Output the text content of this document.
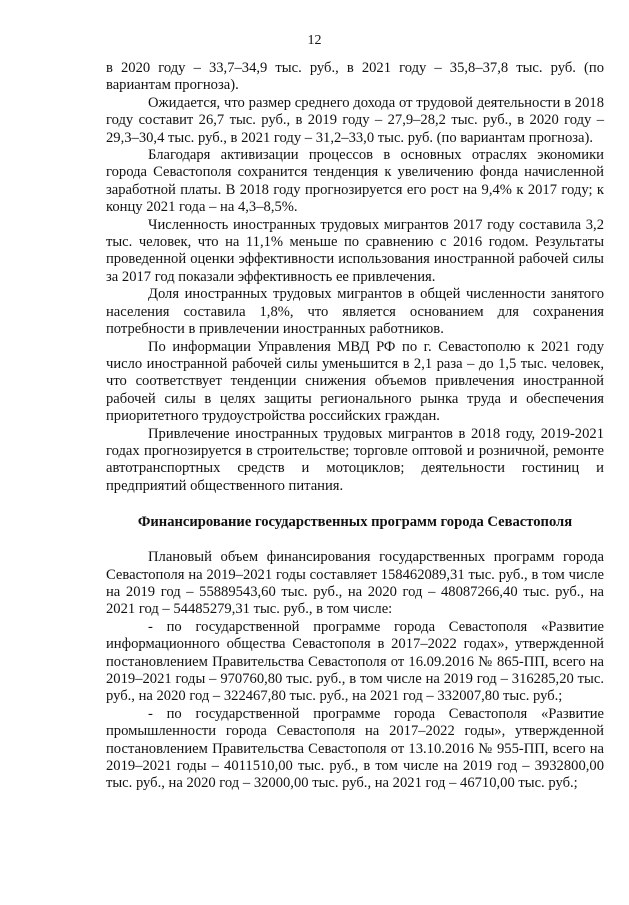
12

в 2020 году – 33,7–34,9 тыс. руб., в 2021 году – 35,8–37,8 тыс. руб. (по вариантам прогноза).

Ожидается, что размер среднего дохода от трудовой деятельности в 2018 году составит 26,7 тыс. руб., в 2019 году – 27,9–28,2 тыс. руб., в 2020 году – 29,3–30,4 тыс. руб., в 2021 году – 31,2–33,0 тыс. руб. (по вариантам прогноза).

Благодаря активизации процессов в основных отраслях экономики города Севастополя сохранится тенденция к увеличению фонда начисленной заработной платы. В 2018 году прогнозируется его рост на 9,4% к 2017 году; к концу 2021 года – на 4,3–8,5%.

Численность иностранных трудовых мигрантов 2017 году составила 3,2 тыс. человек, что на 11,1% меньше по сравнению с 2016 годом. Результаты проведенной оценки эффективности использования иностранной рабочей силы за 2017 год показали эффективность ее привлечения.

Доля иностранных трудовых мигрантов в общей численности занятого населения составила 1,8%, что является основанием для сохранения потребности в привлечении иностранных работников.

По информации Управления МВД РФ по г. Севастополю к 2021 году число иностранной рабочей силы уменьшится в 2,1 раза – до 1,5 тыс. человек, что соответствует тенденции снижения объемов привлечения иностранной рабочей силы в целях защиты регионального рынка труда и обеспечения приоритетного трудоустройства российских граждан.

Привлечение иностранных трудовых мигрантов в 2018 году, 2019-2021 годах прогнозируется в строительстве; торговле оптовой и розничной, ремонте автотранспортных средств и мотоциклов; деятельности гостиниц и предприятий общественного питания.

Финансирование государственных программ города Севастополя

Плановый объем финансирования государственных программ города Севастополя на 2019–2021 годы составляет 158462089,31 тыс. руб., в том числе на 2019 год – 55889543,60 тыс. руб., на 2020 год – 48087266,40 тыс. руб., на 2021 год – 54485279,31 тыс. руб., в том числе:

- по государственной программе города Севастополя «Развитие информационного общества Севастополя в 2017–2022 годах», утвержденной постановлением Правительства Севастополя от 16.09.2016 № 865-ПП, всего на 2019–2021 годы – 970760,80 тыс. руб., в том числе на 2019 год – 316285,20 тыс. руб., на 2020 год – 322467,80 тыс. руб., на 2021 год – 332007,80 тыс. руб.;

- по государственной программе города Севастополя «Развитие промышленности города Севастополя на 2017–2022 годы», утвержденной постановлением Правительства Севастополя от 13.10.2016 № 955-ПП, всего на 2019–2021 годы – 4011510,00 тыс. руб., в том числе на 2019 год – 3932800,00 тыс. руб., на 2020 год – 32000,00 тыс. руб., на 2021 год – 46710,00 тыс. руб.;
